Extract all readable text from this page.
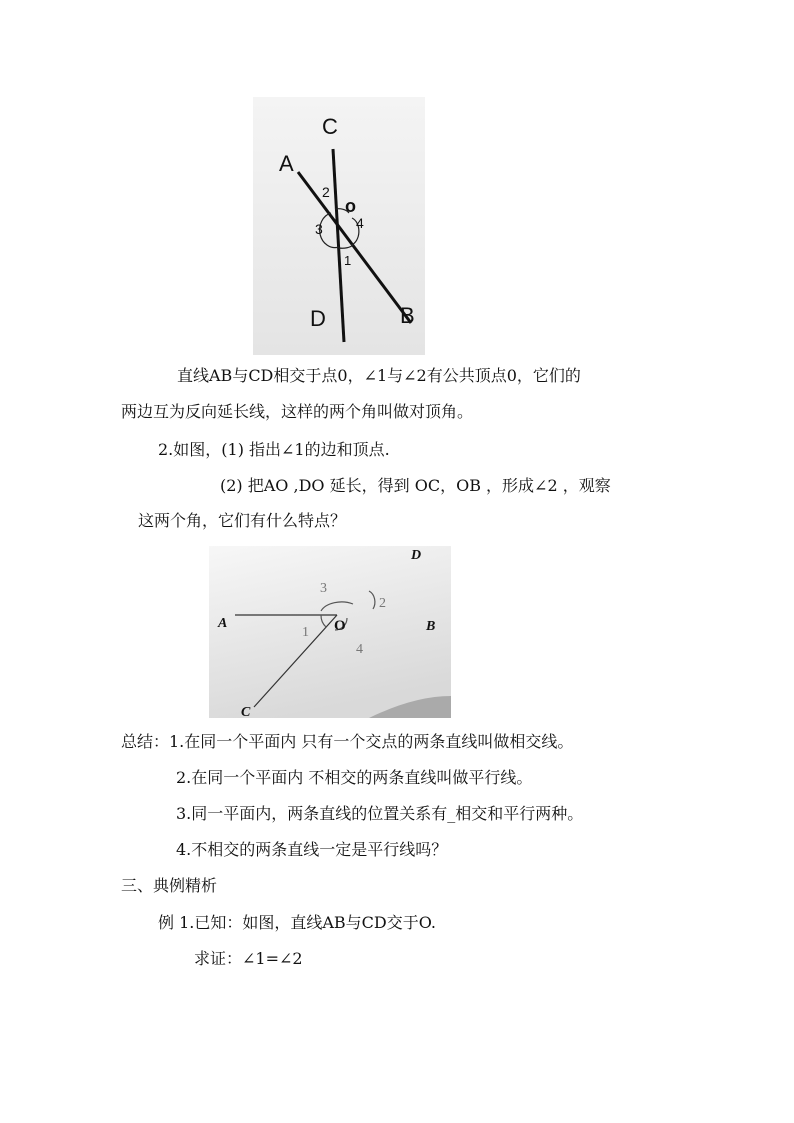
C
A
D	B
o
2
3 4
1
直线AB与CD相交于点0，∠1与∠2有公共顶点0，它们的
两边互为反向延长线，这样的两个角叫做对顶角。
2.如图，(1) 指出∠1的边和顶点.
(2) 把AO ,DO 延长，得到 OC，OB ，形成∠2 ，观察
这两个角，它们有什么特点？
D
A	O	B
C
1
2
3
4
总结：1.在同一个平面内 只有一个交点的两条直线叫做相交线。
2.在同一个平面内 不相交的两条直线叫做平行线。
3.同一平面内，两条直线的位置关系有_相交和平行两种。
4.不相交的两条直线一定是平行线吗？
三、典例精析
例 1.已知：如图，直线AB与CD交于O.
求证：∠1=∠2
